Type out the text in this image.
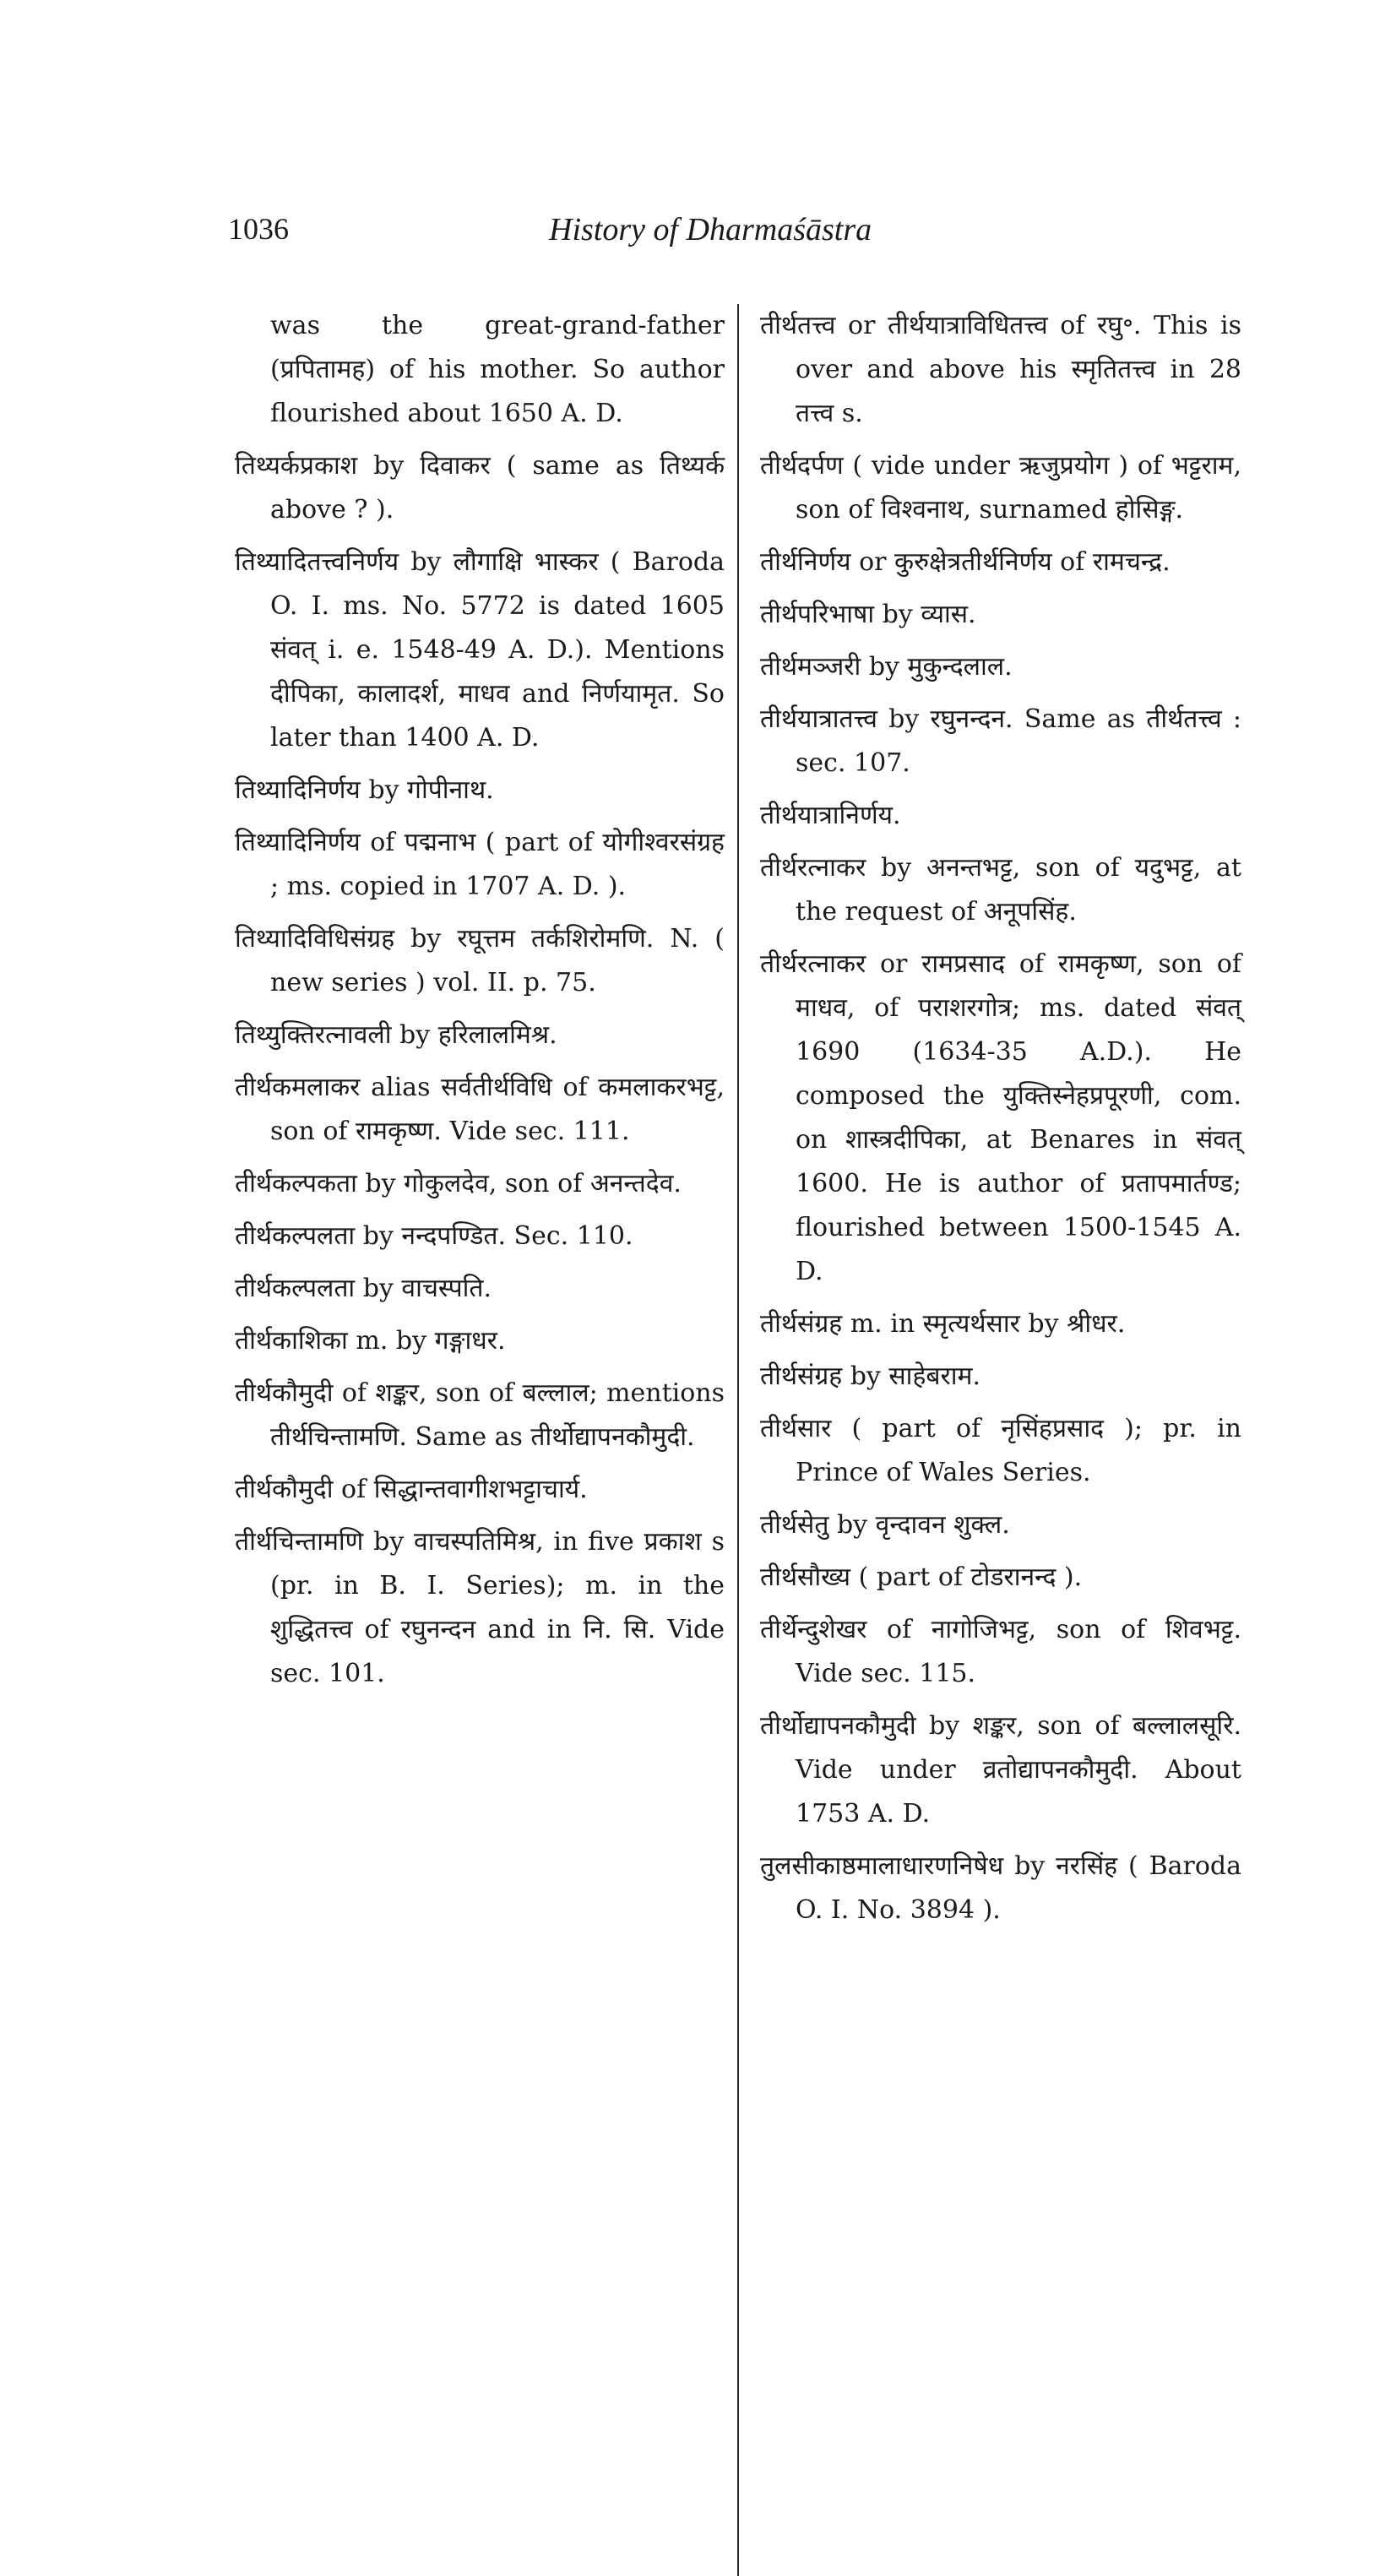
1036	History of Dharmaśāstra

was the great-grand-father (प्रपितामह) of his mother. So author flourished about 1650 A. D.

तिथ्यर्कप्रकाश by दिवाकर ( same as तिथ्यर्क above ? ).

तिथ्यादितत्त्वनिर्णय by लौगाक्षि भास्कर ( Baroda O. I. ms. No. 5772 is dated 1605 संवत् i. e. 1548-49 A. D.). Mentions दीपिका, कालादर्श, माधव and निर्णयामृत. So later than 1400 A. D.

तिथ्यादिनिर्णय by गोपीनाथ.

तिथ्यादिनिर्णय of पद्मनाभ ( part of योगीश्वरसंग्रह ; ms. copied in 1707 A. D. ).

तिथ्यादिविधिसंग्रह by रघूत्तम तर्कशिरोमणि. N. ( new series ) vol. II. p. 75.

तिथ्युक्तिरत्नावली by हरिलालमिश्र.

तीर्थकमलाकर alias सर्वतीर्थविधि of कमलाकरभट्ट, son of रामकृष्ण. Vide sec. 111.

तीर्थकल्पकता by गोकुलदेव, son of अनन्तदेव.

तीर्थकल्पलता by नन्दपण्डित. Sec. 110.

तीर्थकल्पलता by वाचस्पति.

तीर्थकाशिका m. by गङ्गाधर.

तीर्थकौमुदी of शङ्कर, son of बल्लाल; mentions तीर्थचिन्तामणि. Same as तीर्थोद्यापनकौमुदी.

तीर्थकौमुदी of सिद्धान्तवागीशभट्टाचार्य.

तीर्थचिन्तामणि by वाचस्पतिमिश्र, in five प्रकाश s (pr. in B. I. Series); m. in the शुद्धितत्त्व of रघुनन्दन and in नि. सि. Vide sec. 101.

तीर्थतत्त्व or तीर्थयात्राविधितत्त्व of रघु॰. This is over and above his स्मृतितत्त्व in 28 तत्त्व s.

तीर्थदर्पण ( vide under ऋजुप्रयोग ) of भट्टराम, son of विश्वनाथ, surnamed होसिङ्ग.

तीर्थनिर्णय or कुरुक्षेत्रतीर्थनिर्णय of रामचन्द्र.

तीर्थपरिभाषा by व्यास.

तीर्थमञ्जरी by मुकुन्दलाल.

तीर्थयात्रातत्त्व by रघुनन्दन. Same as तीर्थतत्त्व : sec. 107.

तीर्थयात्रानिर्णय.

तीर्थरत्नाकर by अनन्तभट्ट, son of यदुभट्ट, at the request of अनूपसिंह.

तीर्थरत्नाकर or रामप्रसाद of रामकृष्ण, son of माधव, of पराशरगोत्र; ms. dated संवत् 1690 (1634-35 A.D.). He composed the युक्तिस्नेहप्रपूरणी, com. on शास्त्रदीपिका, at Benares in संवत् 1600. He is author of प्रतापमार्तण्ड; flourished between 1500-1545 A. D.

तीर्थसंग्रह m. in स्मृत्यर्थसार by श्रीधर.

तीर्थसंग्रह by साहेबराम.

तीर्थसार ( part of नृसिंहप्रसाद ); pr. in Prince of Wales Series.

तीर्थसेतु by वृन्दावन शुक्ल.

तीर्थसौख्य ( part of टोडरानन्द ).

तीर्थेन्दुशेखर of नागोजिभट्ट, son of शिवभट्ट. Vide sec. 115.

तीर्थोद्यापनकौमुदी by शङ्कर, son of बल्लालसूरि. Vide under व्रतोद्यापनकौमुदी. About 1753 A. D.

तुलसीकाष्ठमालाधारणनिषेध by नरसिंह ( Baroda O. I. No. 3894 ).
